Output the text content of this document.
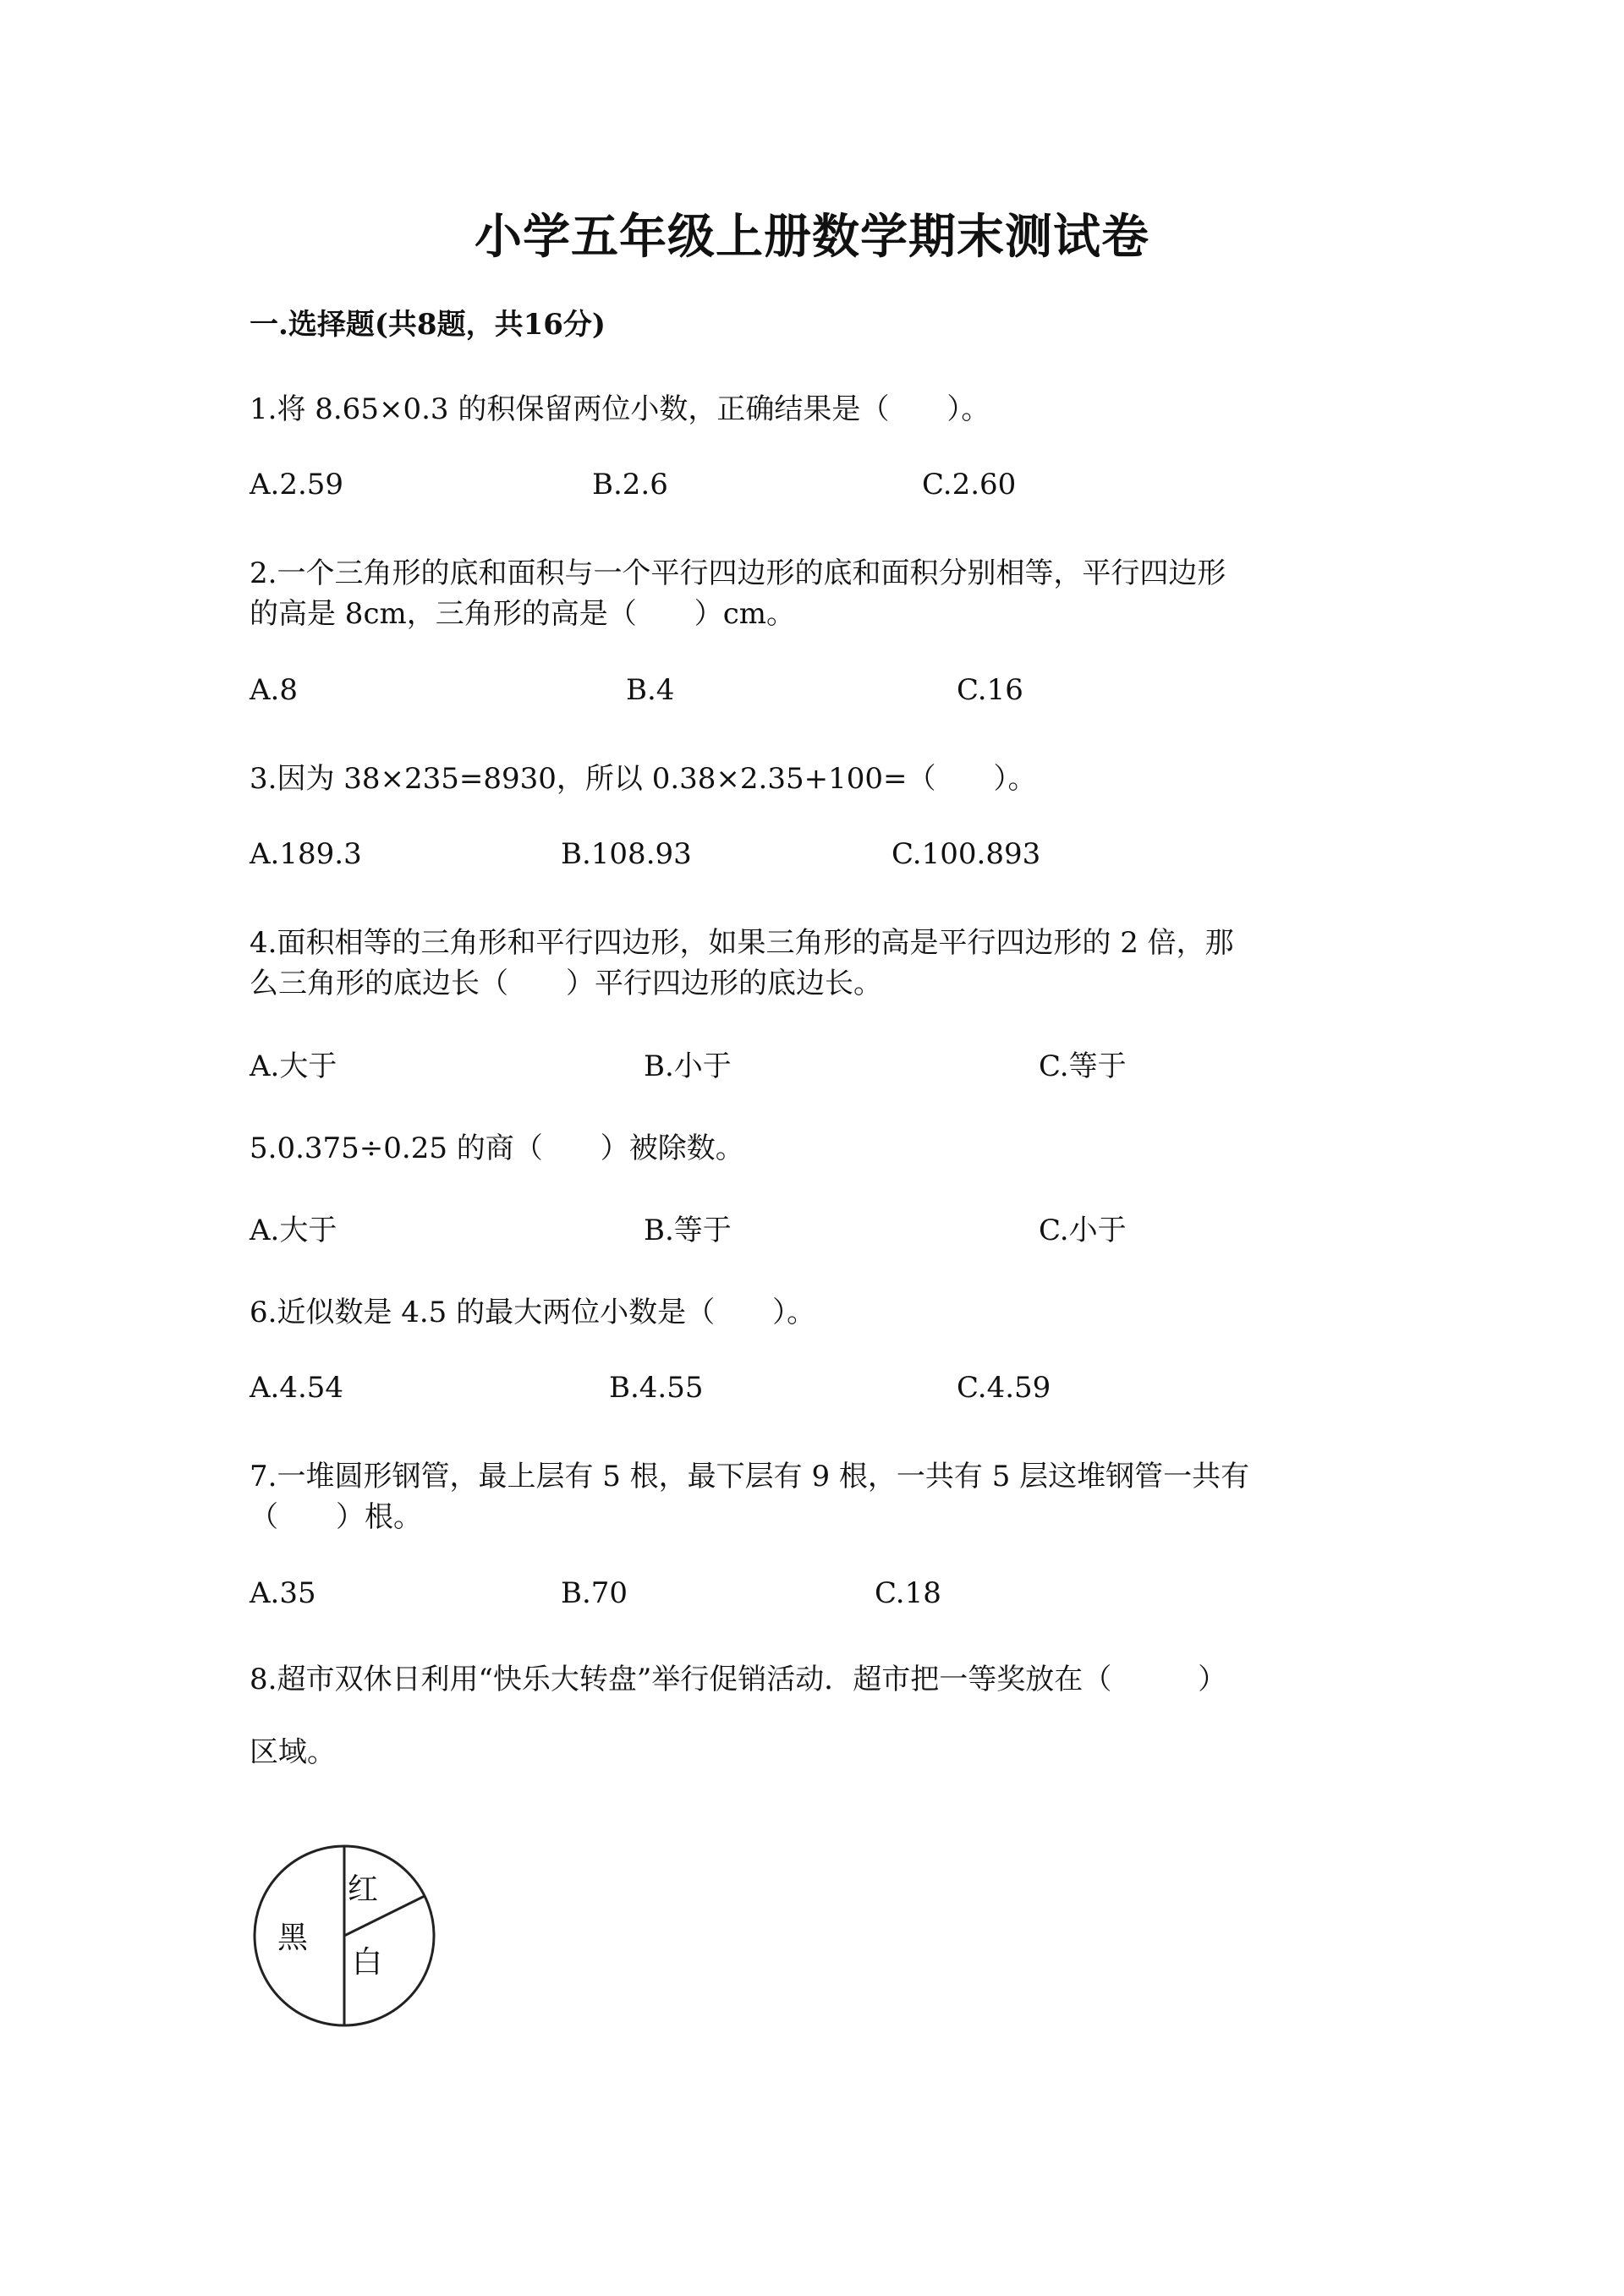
小学五年级上册数学期末测试卷
一.选择题(共8题，共16分)
1.将 8.65×0.3 的积保留两位小数，正确结果是（　　）。
A.2.59	B.2.6	C.2.60
2.一个三角形的底和面积与一个平行四边形的底和面积分别相等，平行四边形
的高是 8cm，三角形的高是（　　）cm。
A.8	B.4	C.16
3.因为 38×235=8930，所以 0.38×2.35+100=（　　）。
A.189.3	B.108.93	C.100.893
4.面积相等的三角形和平行四边形，如果三角形的高是平行四边形的 2 倍，那
么三角形的底边长（　　）平行四边形的底边长。
A.大于	B.小于	C.等于
5.0.375÷0.25 的商（　　）被除数。
A.大于	B.等于	C.小于
6.近似数是 4.5 的最大两位小数是（　　）。
A.4.54	B.4.55	C.4.59
7.一堆圆形钢管，最上层有 5 根，最下层有 9 根，一共有 5 层这堆钢管一共有
（　　）根。
A.35	B.70	C.18
8.超市双休日利用“快乐大转盘”举行促销活动．超市把一等奖放在（　　　）
区域。
红
黑
白
